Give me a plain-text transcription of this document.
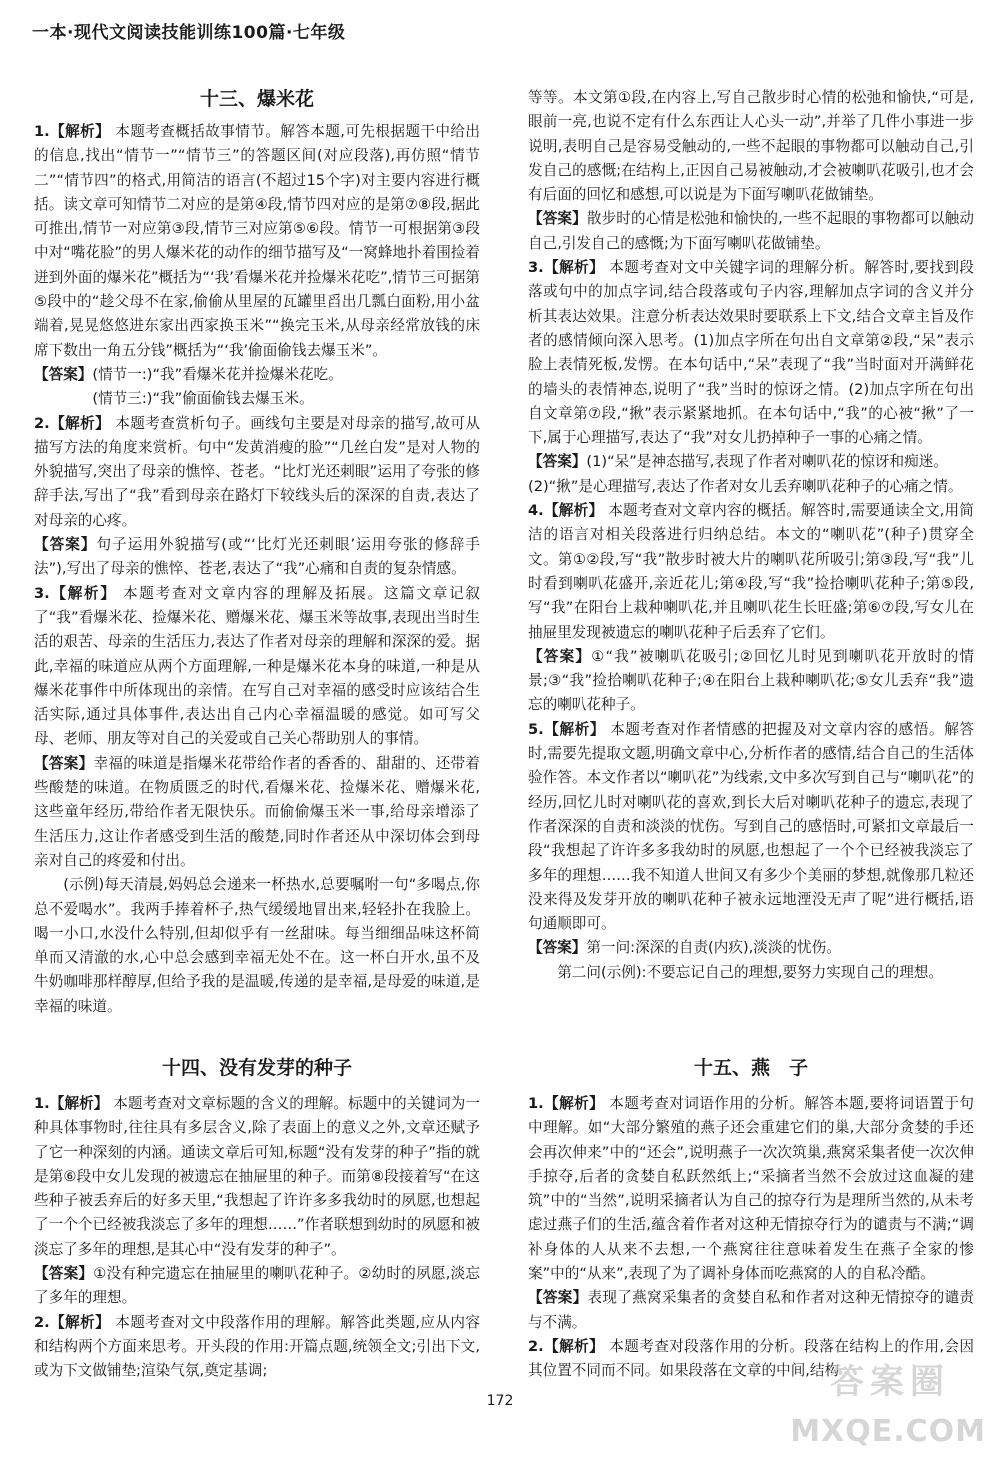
一本·现代文阅读技能训练100篇·七年级
十三、爆米花

1.【解析】 本题考查概括故事情节。解答本题,可先根据题干中给出的信息,找出“情节一”“情节三”的答题区间(对应段落),再仿照“情节二”“情节四”的格式,用简洁的语言(不超过15个字)对主要内容进行概括。读文章可知情节二对应的是第④段,情节四对应的是第⑦⑧段,据此可推出,情节一对应第③段,情节三对应第⑤⑥段。情节一可根据第③段中对“嘴花脸”的男人爆米花的动作的细节描写及“一窝蜂地扑着围捡着迸到外面的爆米花”概括为“‘我’看爆米花并捡爆米花吃”,情节三可据第⑤段中的“趁父母不在家,偷偷从里屋的瓦罐里舀出几瓢白面粉,用小盆端着,晃晃悠悠进东家出西家换玉米”“换完玉米,从母亲经常放钱的床席下数出一角五分钱”概括为“‘我’偷面偷钱去爆玉米”。

【答案】(情节一:)“我”看爆米花并捡爆米花吃。

(情节三:)“我”偷面偷钱去爆玉米。

2.【解析】 本题考查赏析句子。画线句主要是对母亲的描写,故可从描写方法的角度来赏析。句中“发黄消瘦的脸”“几丝白发”是对人物的外貌描写,突出了母亲的憔悴、苍老。“比灯光还刺眼”运用了夸张的修辞手法,写出了“我”看到母亲在路灯下较线头后的深深的自责,表达了对母亲的心疼。

【答案】句子运用外貌描写(或“‘比灯光还刺眼’运用夸张的修辞手法”),写出了母亲的憔悴、苍老,表达了“我”心痛和自责的复杂情感。

3.【解析】 本题考查对文章内容的理解及拓展。这篇文章记叙了“我”看爆米花、捡爆米花、赠爆米花、爆玉米等故事,表现出当时生活的艰苦、母亲的生活压力,表达了作者对母亲的理解和深深的爱。据此,幸福的味道应从两个方面理解,一种是爆米花本身的味道,一种是从爆米花事件中所体现出的亲情。在写自己对幸福的感受时应该结合生活实际,通过具体事件,表达出自己内心幸福温暖的感觉。如可写父母、老师、朋友等对自己的关爱或自己关心帮助别人的事情。

【答案】幸福的味道是指爆米花带给作者的香香的、甜甜的、还带着些酸楚的味道。在物质匮乏的时代,看爆米花、捡爆米花、赠爆米花,这些童年经历,带给作者无限快乐。而偷偷爆玉米一事,给母亲增添了生活压力,这让作者感受到生活的酸楚,同时作者还从中深切体会到母亲对自己的疼爱和付出。

(示例)每天清晨,妈妈总会递来一杯热水,总要嘱咐一句“多喝点,你总不爱喝水”。我两手捧着杯子,热气缓缓地冒出来,轻轻扑在我脸上。喝一小口,水没什么特别,但却似乎有一丝甜味。每当细细品味这杯简单而又清澈的水,心中总会感到幸福无处不在。这一杯白开水,虽不及牛奶咖啡那样醇厚,但给予我的是温暖,传递的是幸福,是母爱的味道,是幸福的味道。

等等。本文第①段,在内容上,写自己散步时心情的松弛和愉快,“可是,眼前一亮,也说不定有什么东西让人心头一动”,并举了几件小事进一步说明,表明自己是容易受触动的,一些不起眼的事物都可以触动自己,引发自己的感慨;在结构上,正因自己易被触动,才会被喇叭花吸引,也才会有后面的回忆和感想,可以说是为下面写喇叭花做铺垫。

【答案】散步时的心情是松弛和愉快的,一些不起眼的事物都可以触动自己,引发自己的感慨;为下面写喇叭花做铺垫。

3.【解析】 本题考查对文中关键字词的理解分析。解答时,要找到段落或句中的加点字词,结合段落或句子内容,理解加点字词的含义并分析其表达效果。注意分析表达效果时要联系上下文,结合文章主旨及作者的感情倾向深入思考。(1)加点字所在句出自文章第②段,“呆”表示脸上表情死板,发愣。在本句话中,“呆”表现了“我”当时面对开满鲜花的墙头的表情神态,说明了“我”当时的惊讶之情。(2)加点字所在句出自文章第⑦段,“揪”表示紧紧地抓。在本句话中,“我”的心被“揪”了一下,属于心理描写,表达了“我”对女儿扔掉种子一事的心痛之情。

【答案】(1)“呆”是神态描写,表现了作者对喇叭花的惊讶和痴迷。

(2)“揪”是心理描写,表达了作者对女儿丢弃喇叭花种子的心痛之情。

4.【解析】 本题考查对文章内容的概括。解答时,需要通读全文,用简洁的语言对相关段落进行归纳总结。本文的“喇叭花”(种子)贯穿全文。第①②段,写“我”散步时被大片的喇叭花所吸引;第③段,写“我”儿时看到喇叭花盛开,亲近花儿;第④段,写“我”捡拾喇叭花种子;第⑤段,写“我”在阳台上栽种喇叭花,并且喇叭花生长旺盛;第⑥⑦段,写女儿在抽屉里发现被遗忘的喇叭花种子后丢弃了它们。

【答案】①“我”被喇叭花吸引;②回忆儿时见到喇叭花开放时的情景;③“我”捡拾喇叭花种子;④在阳台上栽种喇叭花;⑤女儿丢弃“我”遗忘的喇叭花种子。

5.【解析】 本题考查对作者情感的把握及对文章内容的感悟。解答时,需要先提取文题,明确文章中心,分析作者的感情,结合自己的生活体验作答。本文作者以“喇叭花”为线索,文中多次写到自己与“喇叭花”的经历,回忆儿时对喇叭花的喜欢,到长大后对喇叭花种子的遗忘,表现了作者深深的自责和淡淡的忧伤。写到自己的感悟时,可紧扣文章最后一段“我想起了许许多多我幼时的夙愿,也想起了一个个已经被我淡忘了多年的理想……我不知道人世间又有多少个美丽的梦想,就像那几粒还没来得及发芽开放的喇叭花种子被永远地湮没无声了呢”进行概括,语句通顺即可。

【答案】第一问:深深的自责(内疚),淡淡的忧伤。

第二问(示例):不要忘记自己的理想,要努力实现自己的理想。

十四、没有发芽的种子	十五、燕　子

1.【解析】 本题考查对文章标题的含义的理解。标题中的关键词为一种具体事物时,往往具有多层含义,除了表面上的意义之外,文章还赋予了它一种深刻的内涵。通读文章后可知,标题“没有发芽的种子”指的就是第⑥段中女儿发现的被遗忘在抽屉里的种子。而第⑧段接着写“在这些种子被丢弃后的好多天里,“我想起了许许多多我幼时的夙愿,也想起了一个个已经被我淡忘了多年的理想……”作者联想到幼时的夙愿和被淡忘了多年的理想,是其心中“没有发芽的种子”。

【答案】①没有种完遗忘在抽屉里的喇叭花种子。②幼时的夙愿,淡忘了多年的理想。

2.【解析】 本题考查对文中段落作用的理解。解答此类题,应从内容和结构两个方面来思考。开头段的作用:开篇点题,统领全文;引出下文,或为下文做铺垫;渲染气氛,奠定基调;

1.【解析】 本题考查对词语作用的分析。解答本题,要将词语置于句中理解。如“大部分繁殖的燕子还会重建它们的巢,大部分贪婪的手还会再次伸来”中的“还会”,说明燕子一次次筑巢,燕窝采集者使一次次伸手掠夺,后者的贪婪自私跃然纸上;“采摘者当然不会放过这血凝的建筑”中的“当然”,说明采摘者认为自己的掠夺行为是理所当然的,从未考虑过燕子们的生活,蕴含着作者对这种无情掠夺行为的谴责与不满;“调补身体的人从来不去想,一个燕窝往往意味着发生在燕子全家的惨案”中的“从来”,表现了为了调补身体而吃燕窝的人的自私冷酷。

【答案】表现了燕窝采集者的贪婪自私和作者对这种无情掠夺的谴责与不满。

2.【解析】 本题考查对段落作用的分析。段落在结构上的作用,会因其位置不同而不同。如果段落在文章的中间,结构

172	答案圈
MXQE.COM
